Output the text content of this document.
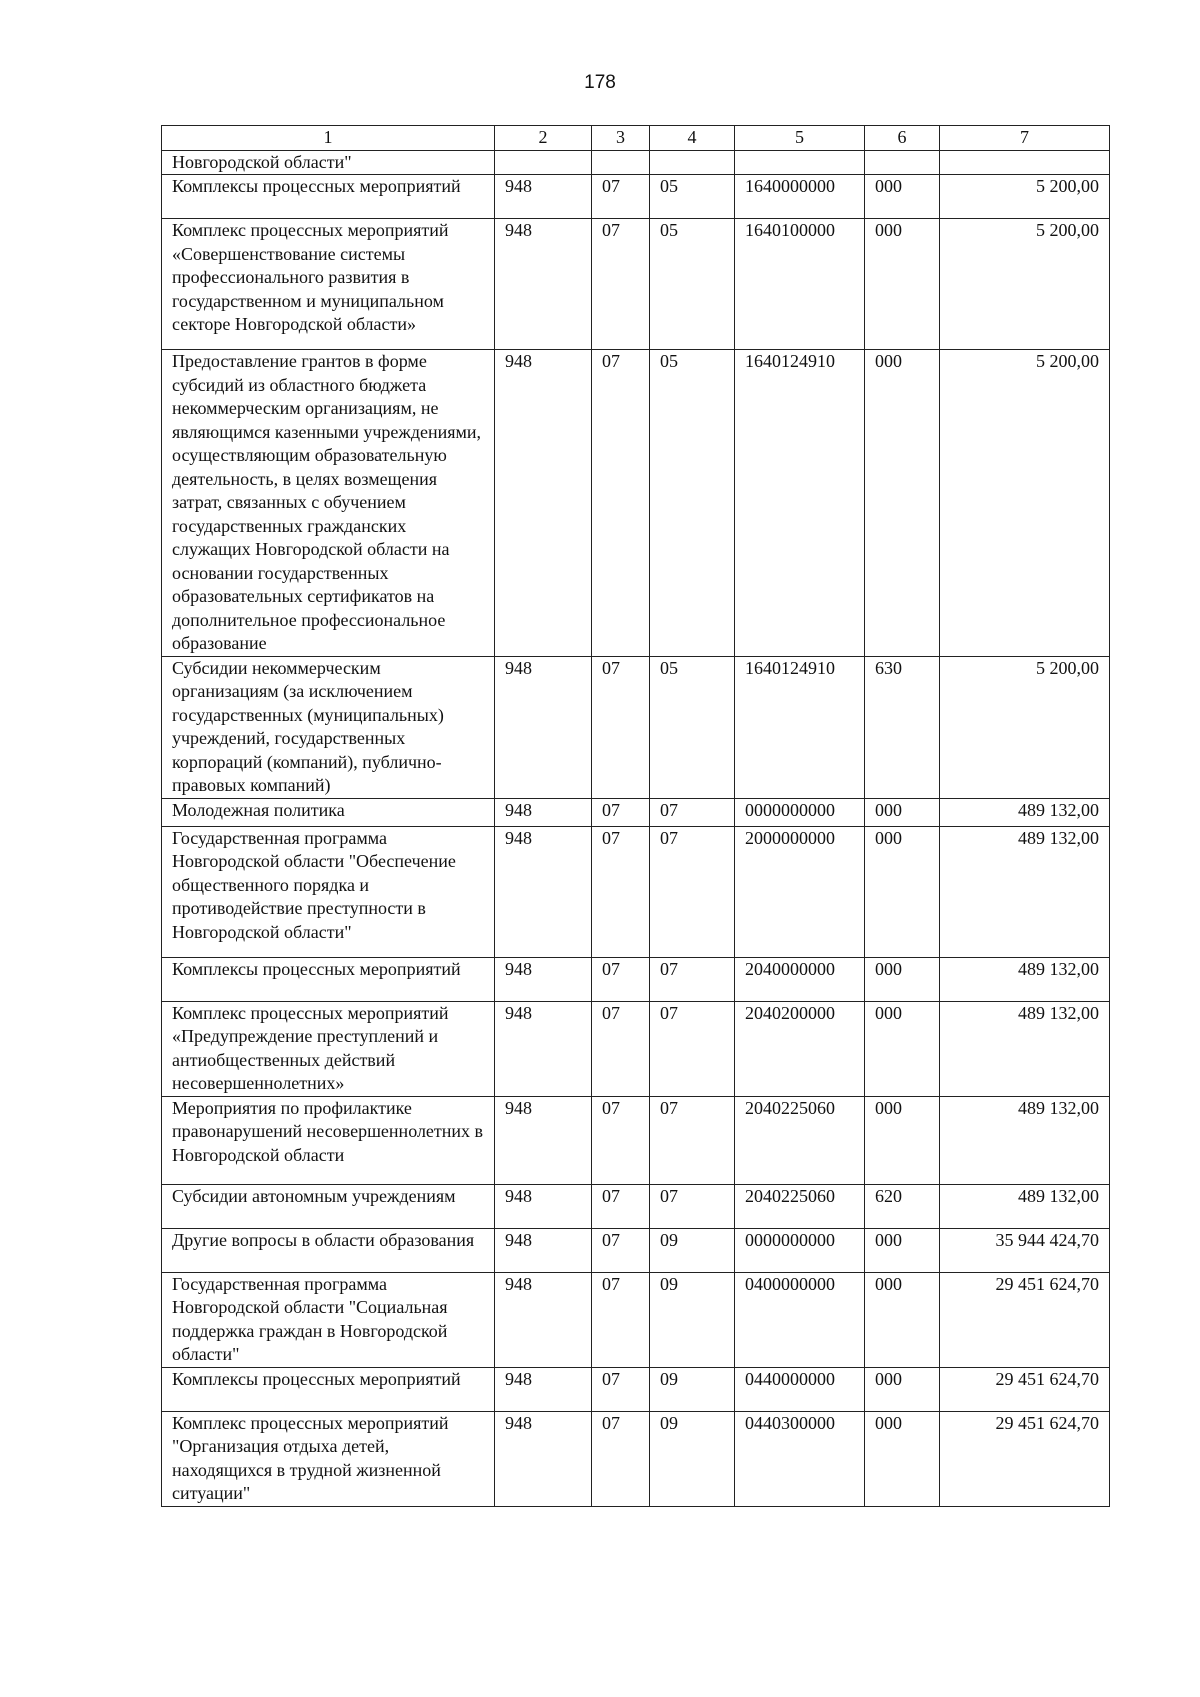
178
1	2	3	4	5	6	7
Новгородской области"						
Комплексы процессных мероприятий	948	07	05	1640000000	000	5 200,00
Комплекс процессных мероприятий «Совершенствование системы профессионального развития в государственном и муниципальном секторе Новгородской области»	948	07	05	1640100000	000	5 200,00
Предоставление грантов в форме субсидий из областного бюджета некоммерческим организациям, не являющимся казенными учреждениями, осуществляющим образовательную деятельность, в целях возмещения затрат, связанных с обучением государственных гражданских служащих Новгородской области на основании государственных образовательных сертификатов на дополнительное профессиональное образование	948	07	05	1640124910	000	5 200,00
Субсидии некоммерческим организациям (за исключением государственных (муниципальных) учреждений, государственных корпораций (компаний), публично-правовых компаний)	948	07	05	1640124910	630	5 200,00
Молодежная политика	948	07	07	0000000000	000	489 132,00
Государственная программа Новгородской области "Обеспечение общественного порядка и противодействие преступности в Новгородской области"	948	07	07	2000000000	000	489 132,00
Комплексы процессных мероприятий	948	07	07	2040000000	000	489 132,00
Комплекс процессных мероприятий «Предупреждение преступлений и антиобщественных действий несовершеннолетних»	948	07	07	2040200000	000	489 132,00
Мероприятия по профилактике правонарушений несовершеннолетних в Новгородской области	948	07	07	2040225060	000	489 132,00
Субсидии автономным учреждениям	948	07	07	2040225060	620	489 132,00
Другие вопросы в области образования	948	07	09	0000000000	000	35 944 424,70
Государственная программа Новгородской области "Социальная поддержка граждан в Новгородской области"	948	07	09	0400000000	000	29 451 624,70
Комплексы процессных мероприятий	948	07	09	0440000000	000	29 451 624,70
Комплекс процессных мероприятий "Организация отдыха детей, находящихся в трудной жизненной ситуации"	948	07	09	0440300000	000	29 451 624,70
